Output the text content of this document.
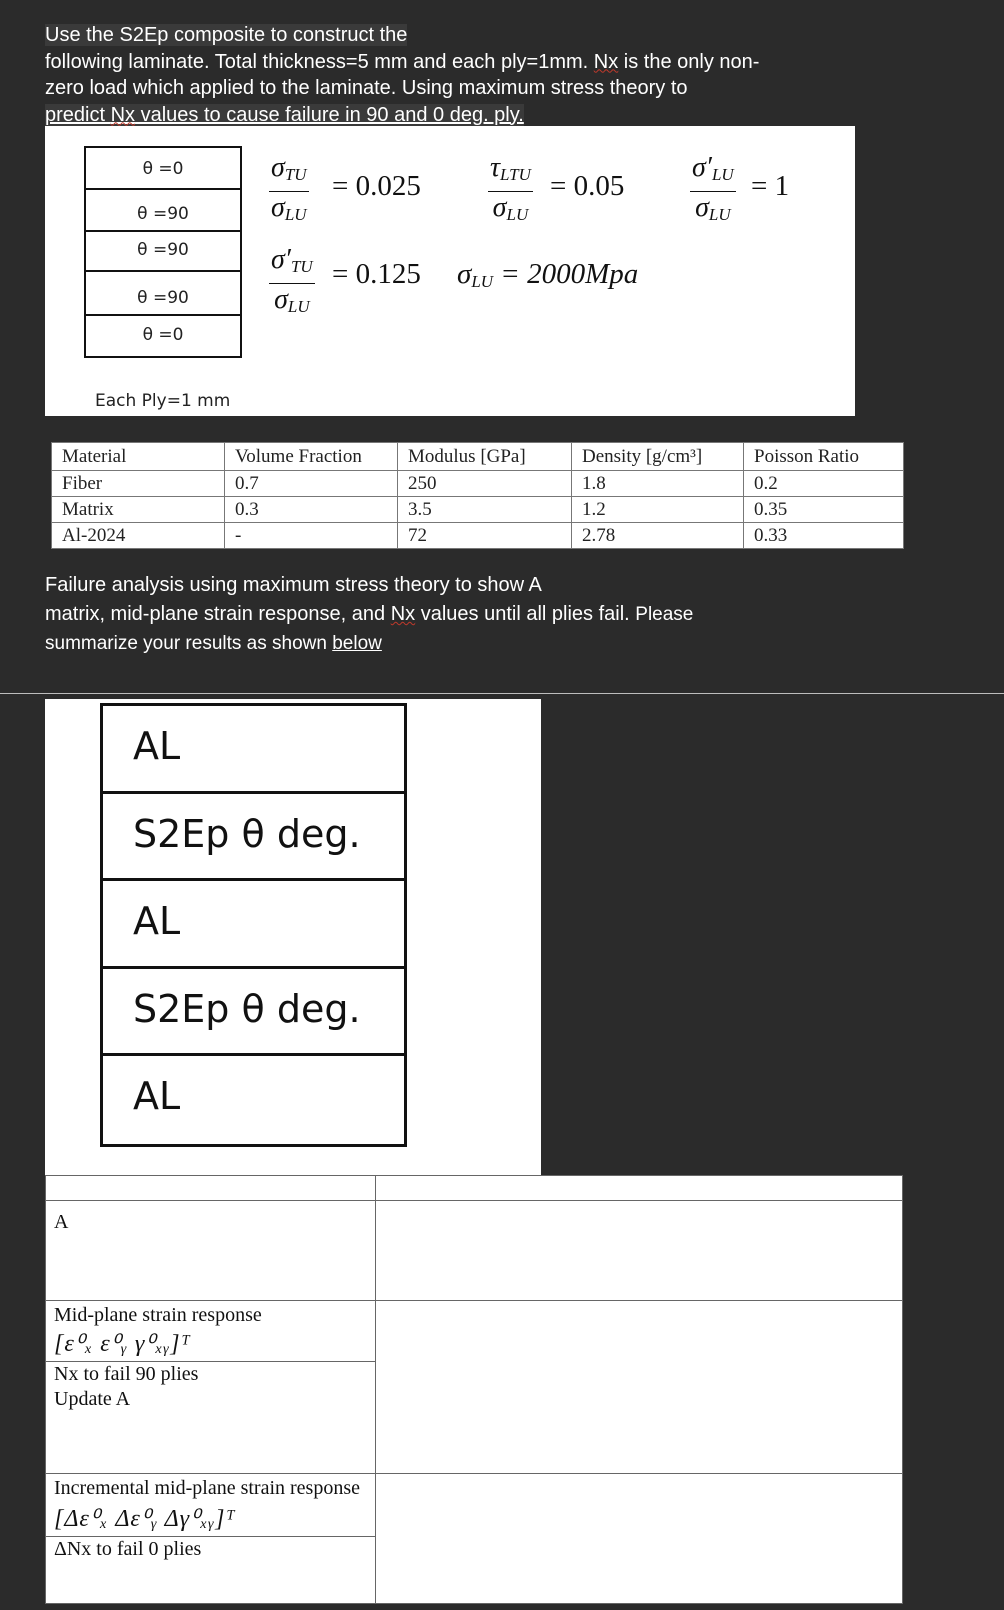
Use the S2Ep composite to construct the
following laminate. Total thickness=5 mm and each ply=1mm. Nx is the only non-
zero load which applied to the laminate. Using maximum stress theory to
predict Nx values to cause failure in 90 and 0 deg. ply.
θ =0
θ =90
θ =90
θ =90
θ =0
Each Ply=1 mm
$\sigma_{TU}$
$\sigma_{LU}$
= 0.025
$\tau_{LTU}$
$\sigma_{LU}$
= 0.05
$\sigma'_{LU}$
$\sigma_{LU}$
= 1
$\sigma'_{TU}$
$\sigma_{LU}$
= 0.125 $\sigma_{LU} = 2000Mpa$
Material	Volume Fraction	Modulus [GPa]	Density [g/cm³]	Poisson Ratio
Fiber	0.7	250	1.8	0.2
Matrix	0.3	3.5	1.2	0.35
Al-2024	-	72	2.78	0.33
Failure analysis using maximum stress theory to show A
matrix, mid-plane strain response, and Nx values until all plies fail. Please
summarize your results as shown below
AL
S2Ep θ deg.
AL
S2Ep θ deg.
AL

A	

Mid-plane strain response
[ε⁰ₓ ε⁰ᵧ γ⁰ₓᵧ]ᵀ
Nx to fail 90 plies
Update A	

Incremental mid-plane strain response
[Δε⁰ₓ Δε⁰ᵧ Δγ⁰ₓᵧ]ᵀ
ΔNx to fail 0 plies	
